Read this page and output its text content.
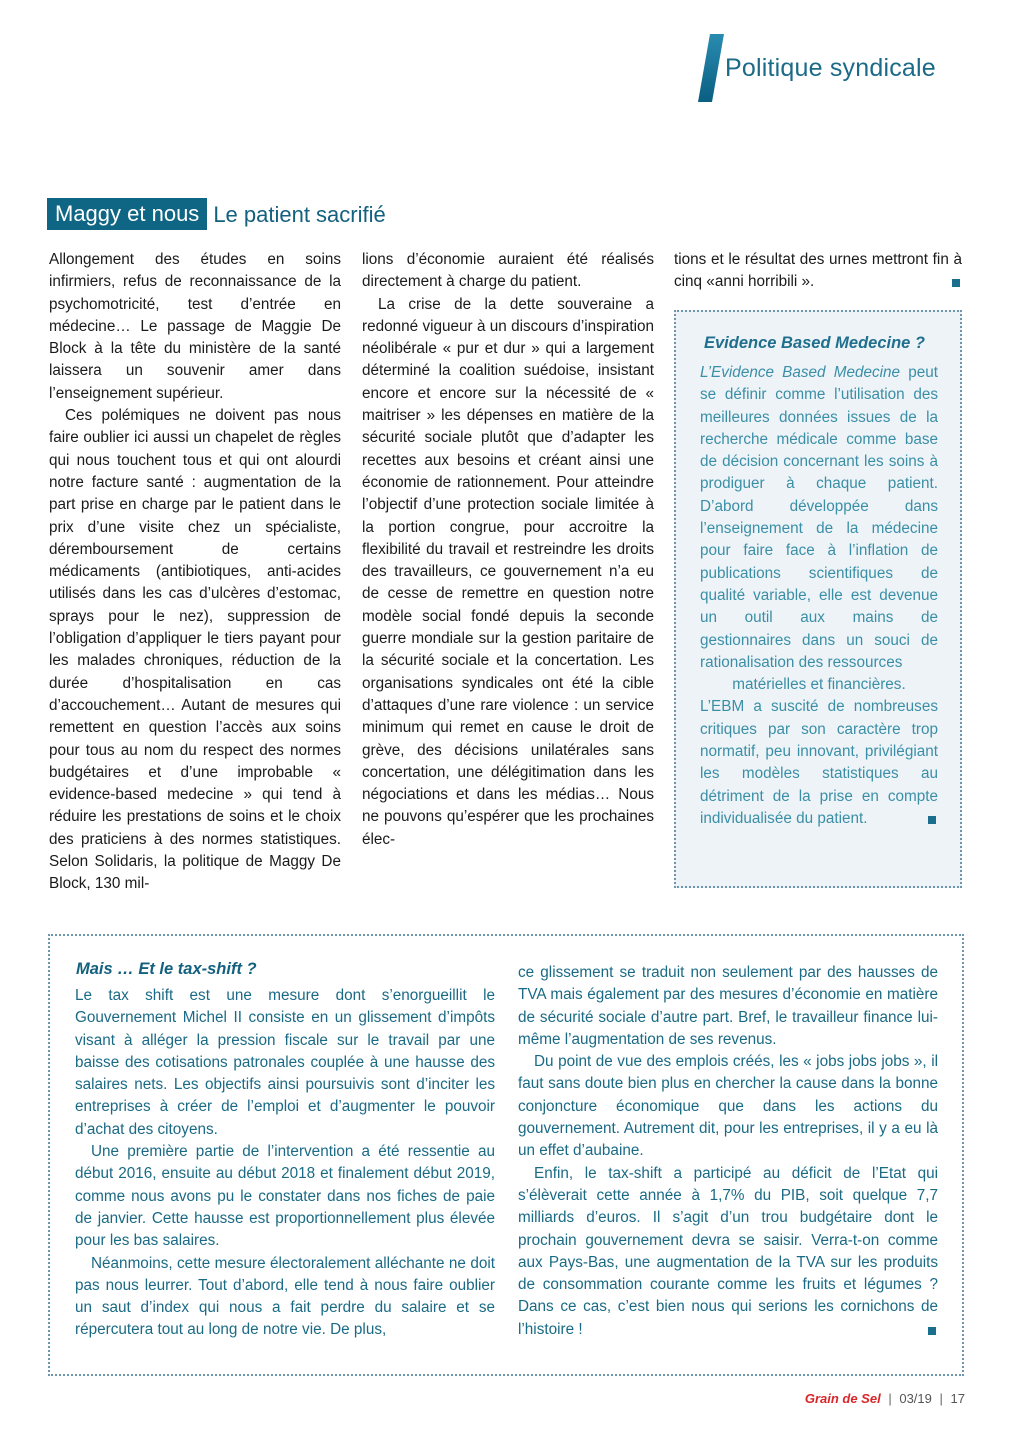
Politique syndicale
Maggy et nous Le patient sacrifié

Allongement des études en soins infirmiers, refus de reconnaissance de la psychomotricité, test d’entrée en médecine… Le passage de Maggie De Block à la tête du ministère de la santé laissera un souvenir amer dans l’enseignement supérieur.

Ces polémiques ne doivent pas nous faire oublier ici aussi un chapelet de règles qui nous touchent tous et qui ont alourdi notre facture santé : augmentation de la part prise en charge par le patient dans le prix d’une visite chez un spécialiste, déremboursement de certains médicaments (antibiotiques, anti-acides utilisés dans les cas d’ulcères d’estomac, sprays pour le nez), suppression de l’obligation d’appliquer le tiers payant pour les malades chroniques, réduction de la durée d’hospitalisation en cas d’accouchement… Autant de mesures qui remettent en question l’accès aux soins pour tous au nom du respect des normes budgétaires et d’une improbable « evidence-based medecine » qui tend à réduire les prestations de soins et le choix des praticiens à des normes statistiques. Selon Solidaris, la politique de Maggy De Block, 130 mil-

lions d’économie auraient été réalisés directement à charge du patient.

La crise de la dette souveraine a redonné vigueur à un discours d’inspiration néolibérale « pur et dur » qui a largement déterminé la coalition suédoise, insistant encore et encore sur la nécessité de « maitriser » les dépenses en matière de la sécurité sociale plutôt que d’adapter les recettes aux besoins et créant ainsi une économie de rationnement. Pour atteindre l’objectif d’une protection sociale limitée à la portion congrue, pour accroitre la flexibilité du travail et restreindre les droits des travailleurs, ce gouvernement n’a eu de cesse de remettre en question notre modèle social fondé depuis la seconde guerre mondiale sur la gestion paritaire de la sécurité sociale et la concertation. Les organisations syndicales ont été la cible d’attaques d’une rare violence : un service minimum qui remet en cause le droit de grève, des décisions unilatérales sans concertation, une délégitimation dans les négociations et dans les médias… Nous ne pouvons qu’espérer que les prochaines élec-

tions et le résultat des urnes mettront fin à cinq «anni horribili ».

Evidence Based Medecine ?

L’Evidence Based Medecine peut se définir comme l’utilisation des meilleures données issues de la recherche médicale comme base de décision concernant les soins à prodiguer à chaque patient. D’abord développée dans l’enseignement de la médecine pour faire face à l’inflation de publications scientifiques de qualité variable, elle est devenue un outil aux mains de gestionnaires dans un souci de rationalisation des ressources

matérielles et financières.

L’EBM a suscité de nombreuses critiques par son caractère trop normatif, peu innovant, privilégiant les modèles statistiques au détriment de la prise en compte individualisée du patient.

Mais … Et le tax-shift ?

Le tax shift est une mesure dont s’enorgueillit le Gouvernement Michel II consiste en un glissement d’impôts visant à alléger la pression fiscale sur le travail par une baisse des cotisations patronales couplée à une hausse des salaires nets. Les objectifs ainsi poursuivis sont d’inciter les entreprises à créer de l’emploi et d’augmenter le pouvoir d’achat des citoyens.

Une première partie de l’intervention a été ressentie au début 2016, ensuite au début 2018 et finalement début 2019, comme nous avons pu le constater dans nos fiches de paie de janvier. Cette hausse est proportionnellement plus élevée pour les bas salaires.

Néanmoins, cette mesure électoralement alléchante ne doit pas nous leurrer. Tout d’abord, elle tend à nous faire oublier un saut d’index qui nous a fait perdre du salaire et se répercutera tout au long de notre vie. De plus,

ce glissement se traduit non seulement par des hausses de TVA mais également par des mesures d’économie en matière de sécurité sociale d’autre part. Bref, le travailleur finance lui-même l’augmentation de ses revenus.

Du point de vue des emplois créés, les « jobs jobs jobs », il faut sans doute bien plus en chercher la cause dans la bonne conjoncture économique que dans les actions du gouvernement. Autrement dit, pour les entreprises, il y a eu là un effet d’aubaine.

Enfin, le tax-shift a participé au déficit de l’Etat qui s’élèverait cette année à 1,7% du PIB, soit quelque 7,7 milliards d’euros. Il s’agit d’un trou budgétaire dont le prochain gouvernement devra se saisir. Verra-t-on comme aux Pays-Bas, une augmentation de la TVA sur les produits de consommation courante comme les fruits et légumes ? Dans ce cas, c’est bien nous qui serions les cornichons de l’histoire !

Grain de Sel | 03/19 | 17
